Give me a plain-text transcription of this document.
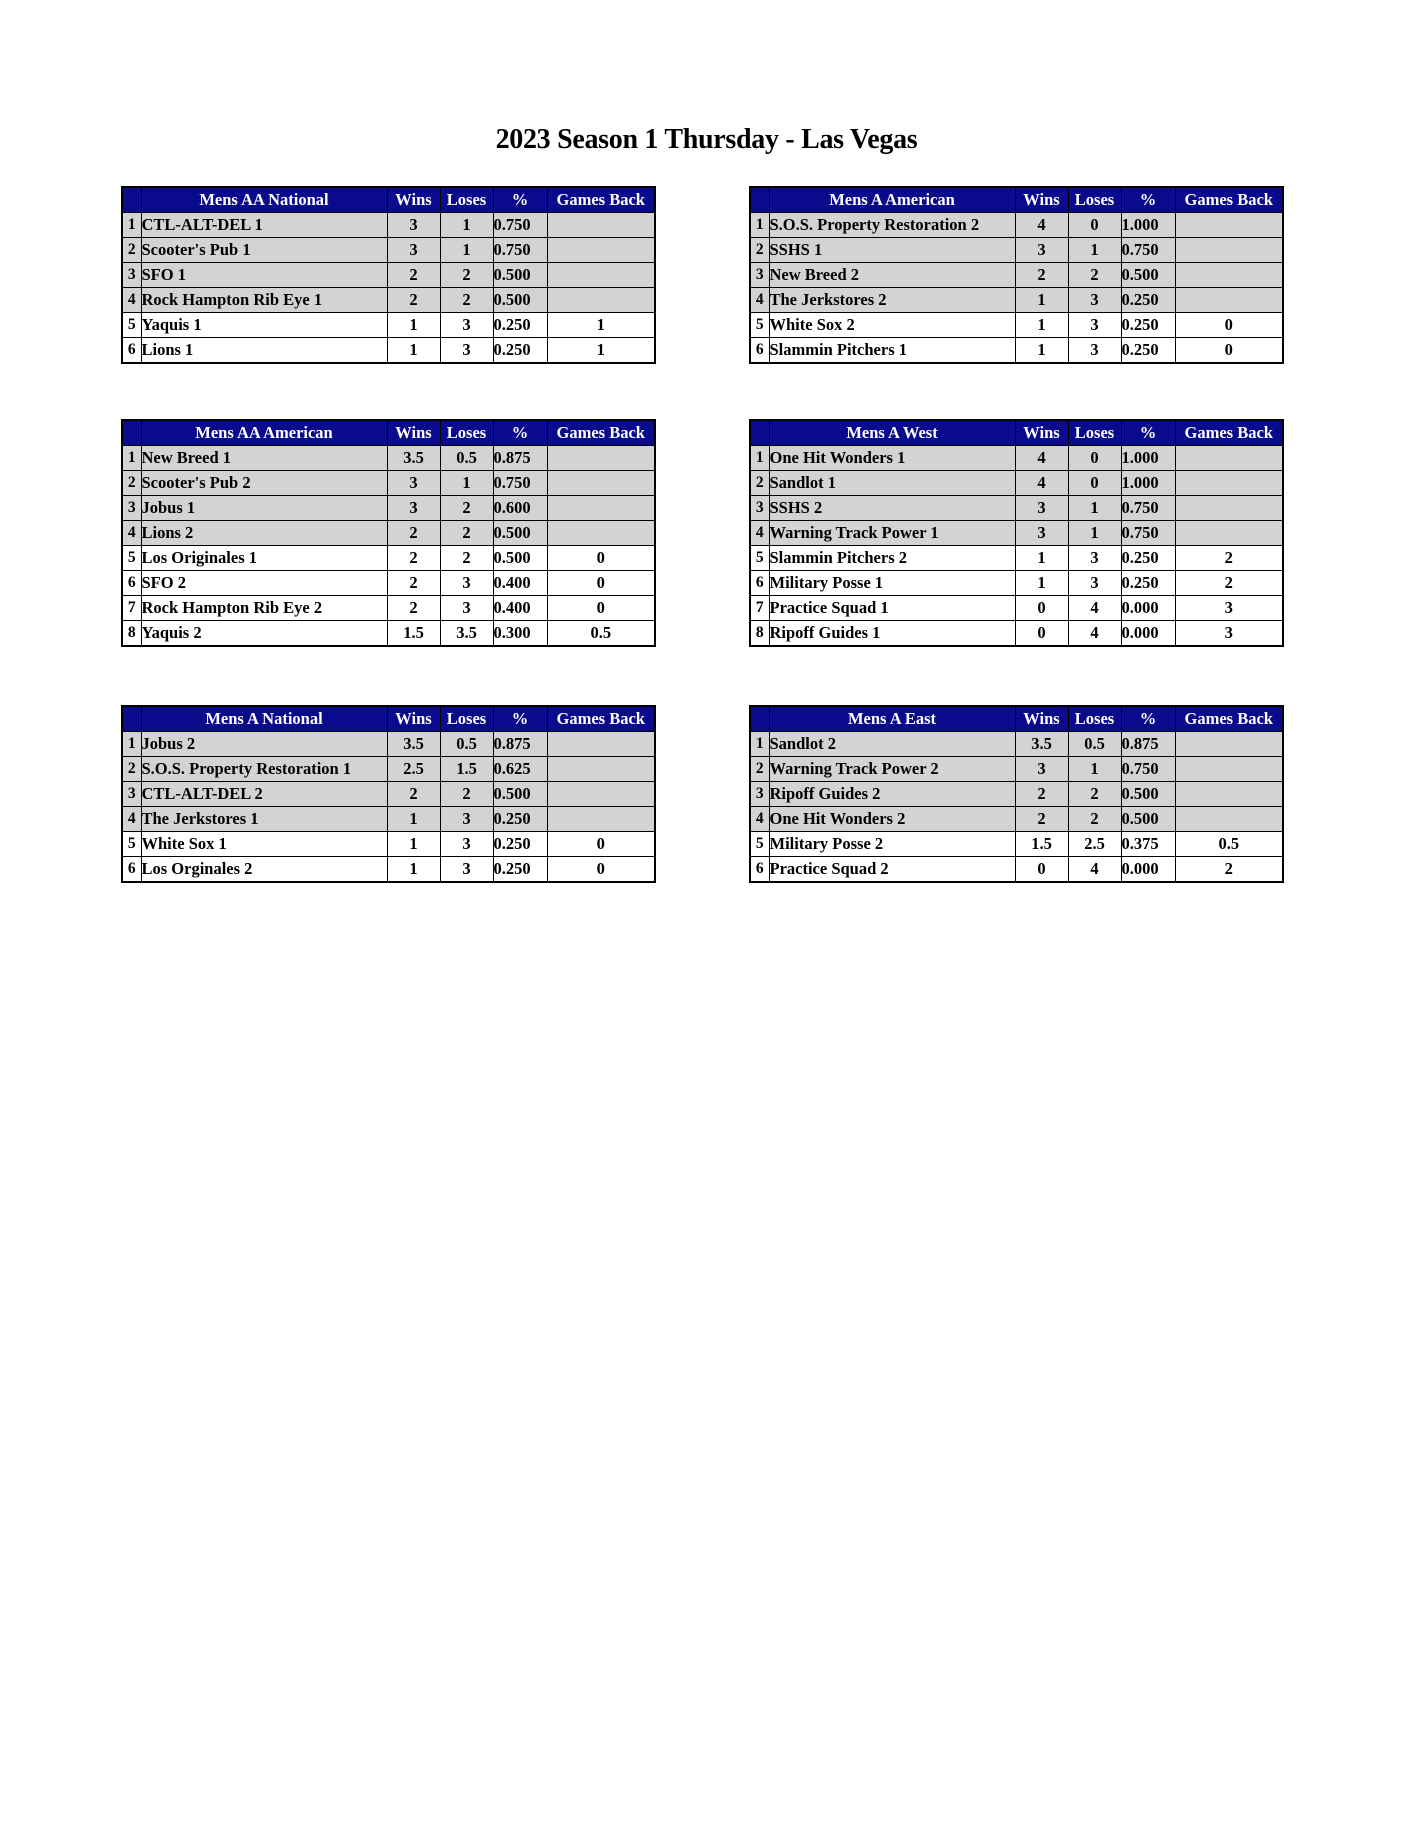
2023 Season 1 Thursday - Las Vegas
	Mens AA National	Wins	Loses	%	Games Back
1	CTL-ALT-DEL 1	3	1	0.750	
2	Scooter's Pub 1	3	1	0.750	
3	SFO 1	2	2	0.500	
4	Rock Hampton Rib Eye 1	2	2	0.500	
5	Yaquis 1	1	3	0.250	1
6	Lions 1	1	3	0.250	1
	Mens A American	Wins	Loses	%	Games Back
1	S.O.S. Property Restoration 2	4	0	1.000	
2	SSHS 1	3	1	0.750	
3	New Breed 2	2	2	0.500	
4	The Jerkstores 2	1	3	0.250	
5	White Sox 2	1	3	0.250	0
6	Slammin Pitchers 1	1	3	0.250	0
	Mens AA American	Wins	Loses	%	Games Back
1	New Breed 1	3.5	0.5	0.875	
2	Scooter's Pub 2	3	1	0.750	
3	Jobus 1	3	2	0.600	
4	Lions 2	2	2	0.500	
5	Los Originales 1	2	2	0.500	0
6	SFO 2	2	3	0.400	0
7	Rock Hampton Rib Eye 2	2	3	0.400	0
8	Yaquis 2	1.5	3.5	0.300	0.5
	Mens A West	Wins	Loses	%	Games Back
1	One Hit Wonders 1	4	0	1.000	
2	Sandlot 1	4	0	1.000	
3	SSHS 2	3	1	0.750	
4	Warning Track Power 1	3	1	0.750	
5	Slammin Pitchers 2	1	3	0.250	2
6	Military Posse 1	1	3	0.250	2
7	Practice Squad 1	0	4	0.000	3
8	Ripoff Guides 1	0	4	0.000	3
	Mens A National	Wins	Loses	%	Games Back
1	Jobus 2	3.5	0.5	0.875	
2	S.O.S. Property Restoration 1	2.5	1.5	0.625	
3	CTL-ALT-DEL 2	2	2	0.500	
4	The Jerkstores 1	1	3	0.250	
5	White Sox 1	1	3	0.250	0
6	Los Orginales 2	1	3	0.250	0
	Mens A East	Wins	Loses	%	Games Back
1	Sandlot 2	3.5	0.5	0.875	
2	Warning Track Power 2	3	1	0.750	
3	Ripoff Guides 2	2	2	0.500	
4	One Hit Wonders 2	2	2	0.500	
5	Military Posse 2	1.5	2.5	0.375	0.5
6	Practice Squad 2	0	4	0.000	2
